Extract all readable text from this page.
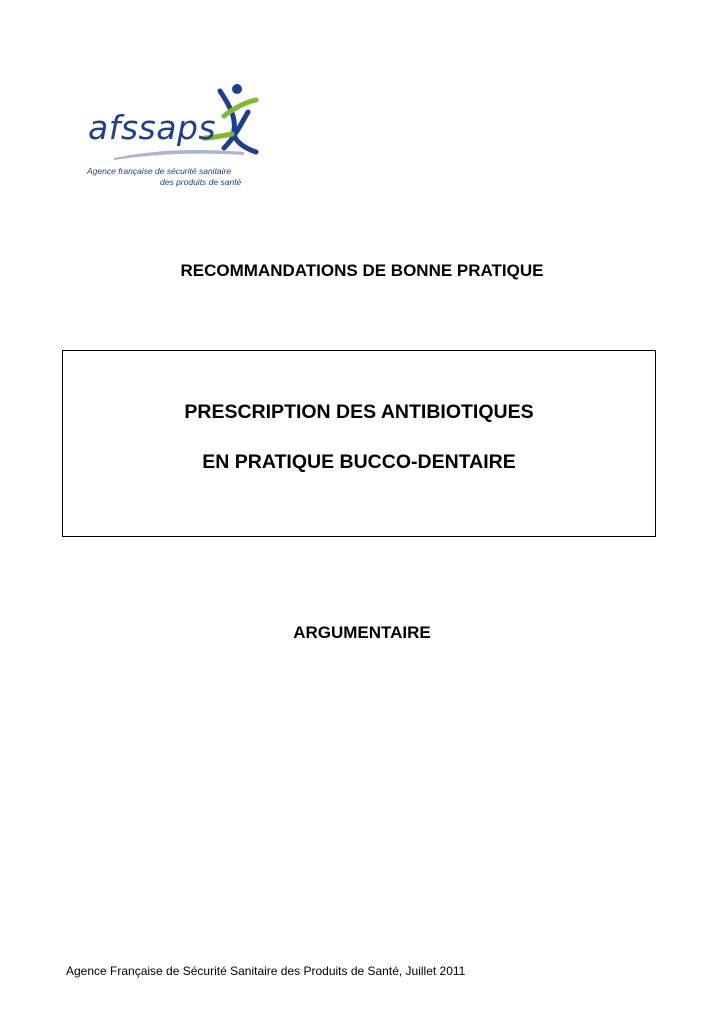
afssaps
Agence française de sécurité sanitaire
des produits de santé
RECOMMANDATIONS DE BONNE PRATIQUE
PRESCRIPTION DES ANTIBIOTIQUES
EN PRATIQUE BUCCO-DENTAIRE
ARGUMENTAIRE
Agence Française de Sécurité Sanitaire des Produits de Santé, Juillet 2011
